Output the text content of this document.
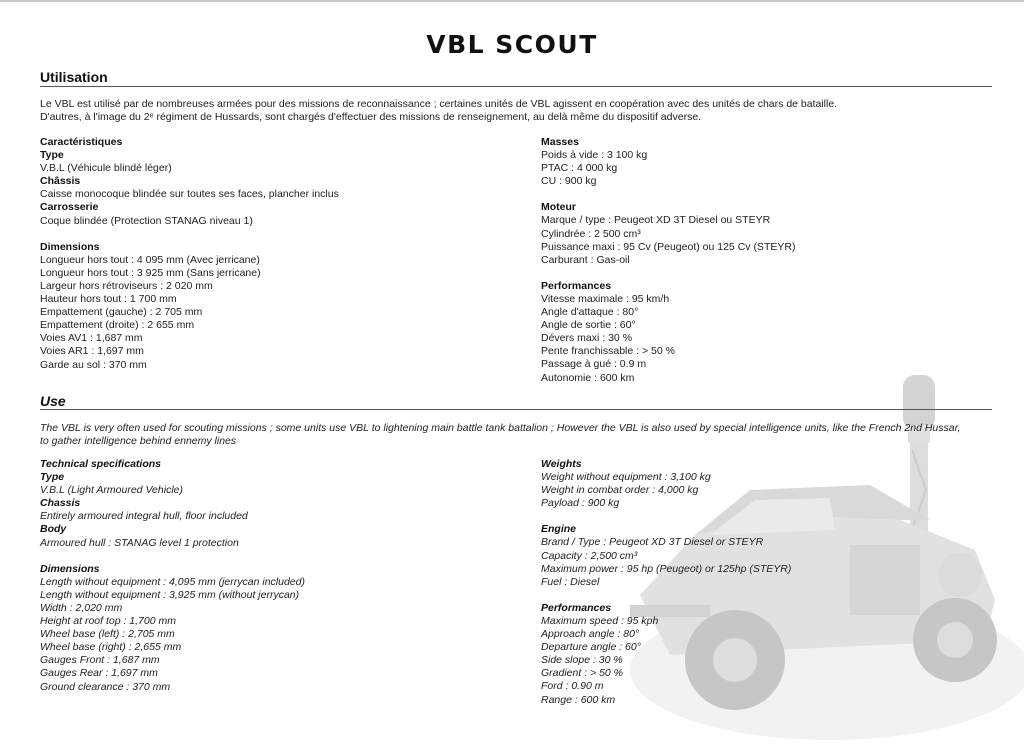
VBL SCOUT
Utilisation
Le VBL est utilisé par de nombreuses armées pour des missions de reconnaissance ; certaines unités de VBL agissent en coopération avec des unités de chars de bataille.
D'autres, à l'image du 2ᵉ régiment de Hussards, sont chargés d'effectuer des missions de renseignement, au delà même du dispositif adverse.
Caractéristiques
Type
V.B.L (Véhicule blindé léger)
Châssis
Caisse monocoque blindée sur toutes ses faces, plancher inclus
Carrosserie
Coque blindée (Protection STANAG niveau 1)
Dimensions
Longueur hors tout : 4 095 mm (Avec jerricane)
Longueur hors tout : 3 925 mm (Sans jerricane)
Largeur hors rétroviseurs : 2 020 mm
Hauteur hors tout : 1 700 mm
Empattement (gauche) : 2 705 mm
Empattement (droite) : 2 655 mm
Voies AV1 : 1,687 mm
Voies AR1 : 1,697 mm
Garde au sol : 370 mm
Masses
Poids à vide : 3 100 kg
PTAC : 4 000 kg
CU : 900 kg
Moteur
Marque / type : Peugeot XD 3T Diesel ou STEYR
Cylindrée : 2 500 cm³
Puissance maxi : 95 Cv (Peugeot) ou 125 Cv (STEYR)
Carburant : Gas-oil
Performances
Vitesse maximale : 95 km/h
Angle d'attaque : 80°
Angle de sortie : 60°
Dévers maxi : 30 %
Pente franchissable : > 50 %
Passage à gué : 0.9 m
Autonomie : 600 km
Use
The VBL is very often used for scouting missions ; some units use VBL to lightening main battle tank battalion ; However the VBL is also used by special intelligence units, like the French 2nd Hussar,
to gather intelligence behind ennemy lines
Technical specifications
Type
V.B.L (Light Armoured Vehicle)
Chassis
Entirely armoured integral hull, floor included
Body
Armoured hull : STANAG level 1 protection
Dimensions
Length without equipment : 4,095 mm (jerrycan included)
Length without equipment : 3,925 mm (without jerrycan)
Width : 2,020 mm
Height at roof top : 1,700 mm
Wheel base (left) : 2,705 mm
Wheel base (right) : 2,655 mm
Gauges Front : 1,687 mm
Gauges Rear : 1,697 mm
Ground clearance : 370 mm
Weights
Weight without equipment : 3,100 kg
Weight in combat order : 4,000 kg
Payload : 900 kg
Engine
Brand / Type : Peugeot XD 3T Diesel or STEYR
Capacity : 2,500 cm³
Maximum power : 95 hp (Peugeot) or 125hp (STEYR)
Fuel : Diesel
Performances
Maximum speed : 95 kph
Approach angle : 80°
Departure angle : 60°
Side slope : 30 %
Gradient : > 50 %
Ford : 0.90 m
Range : 600 km
